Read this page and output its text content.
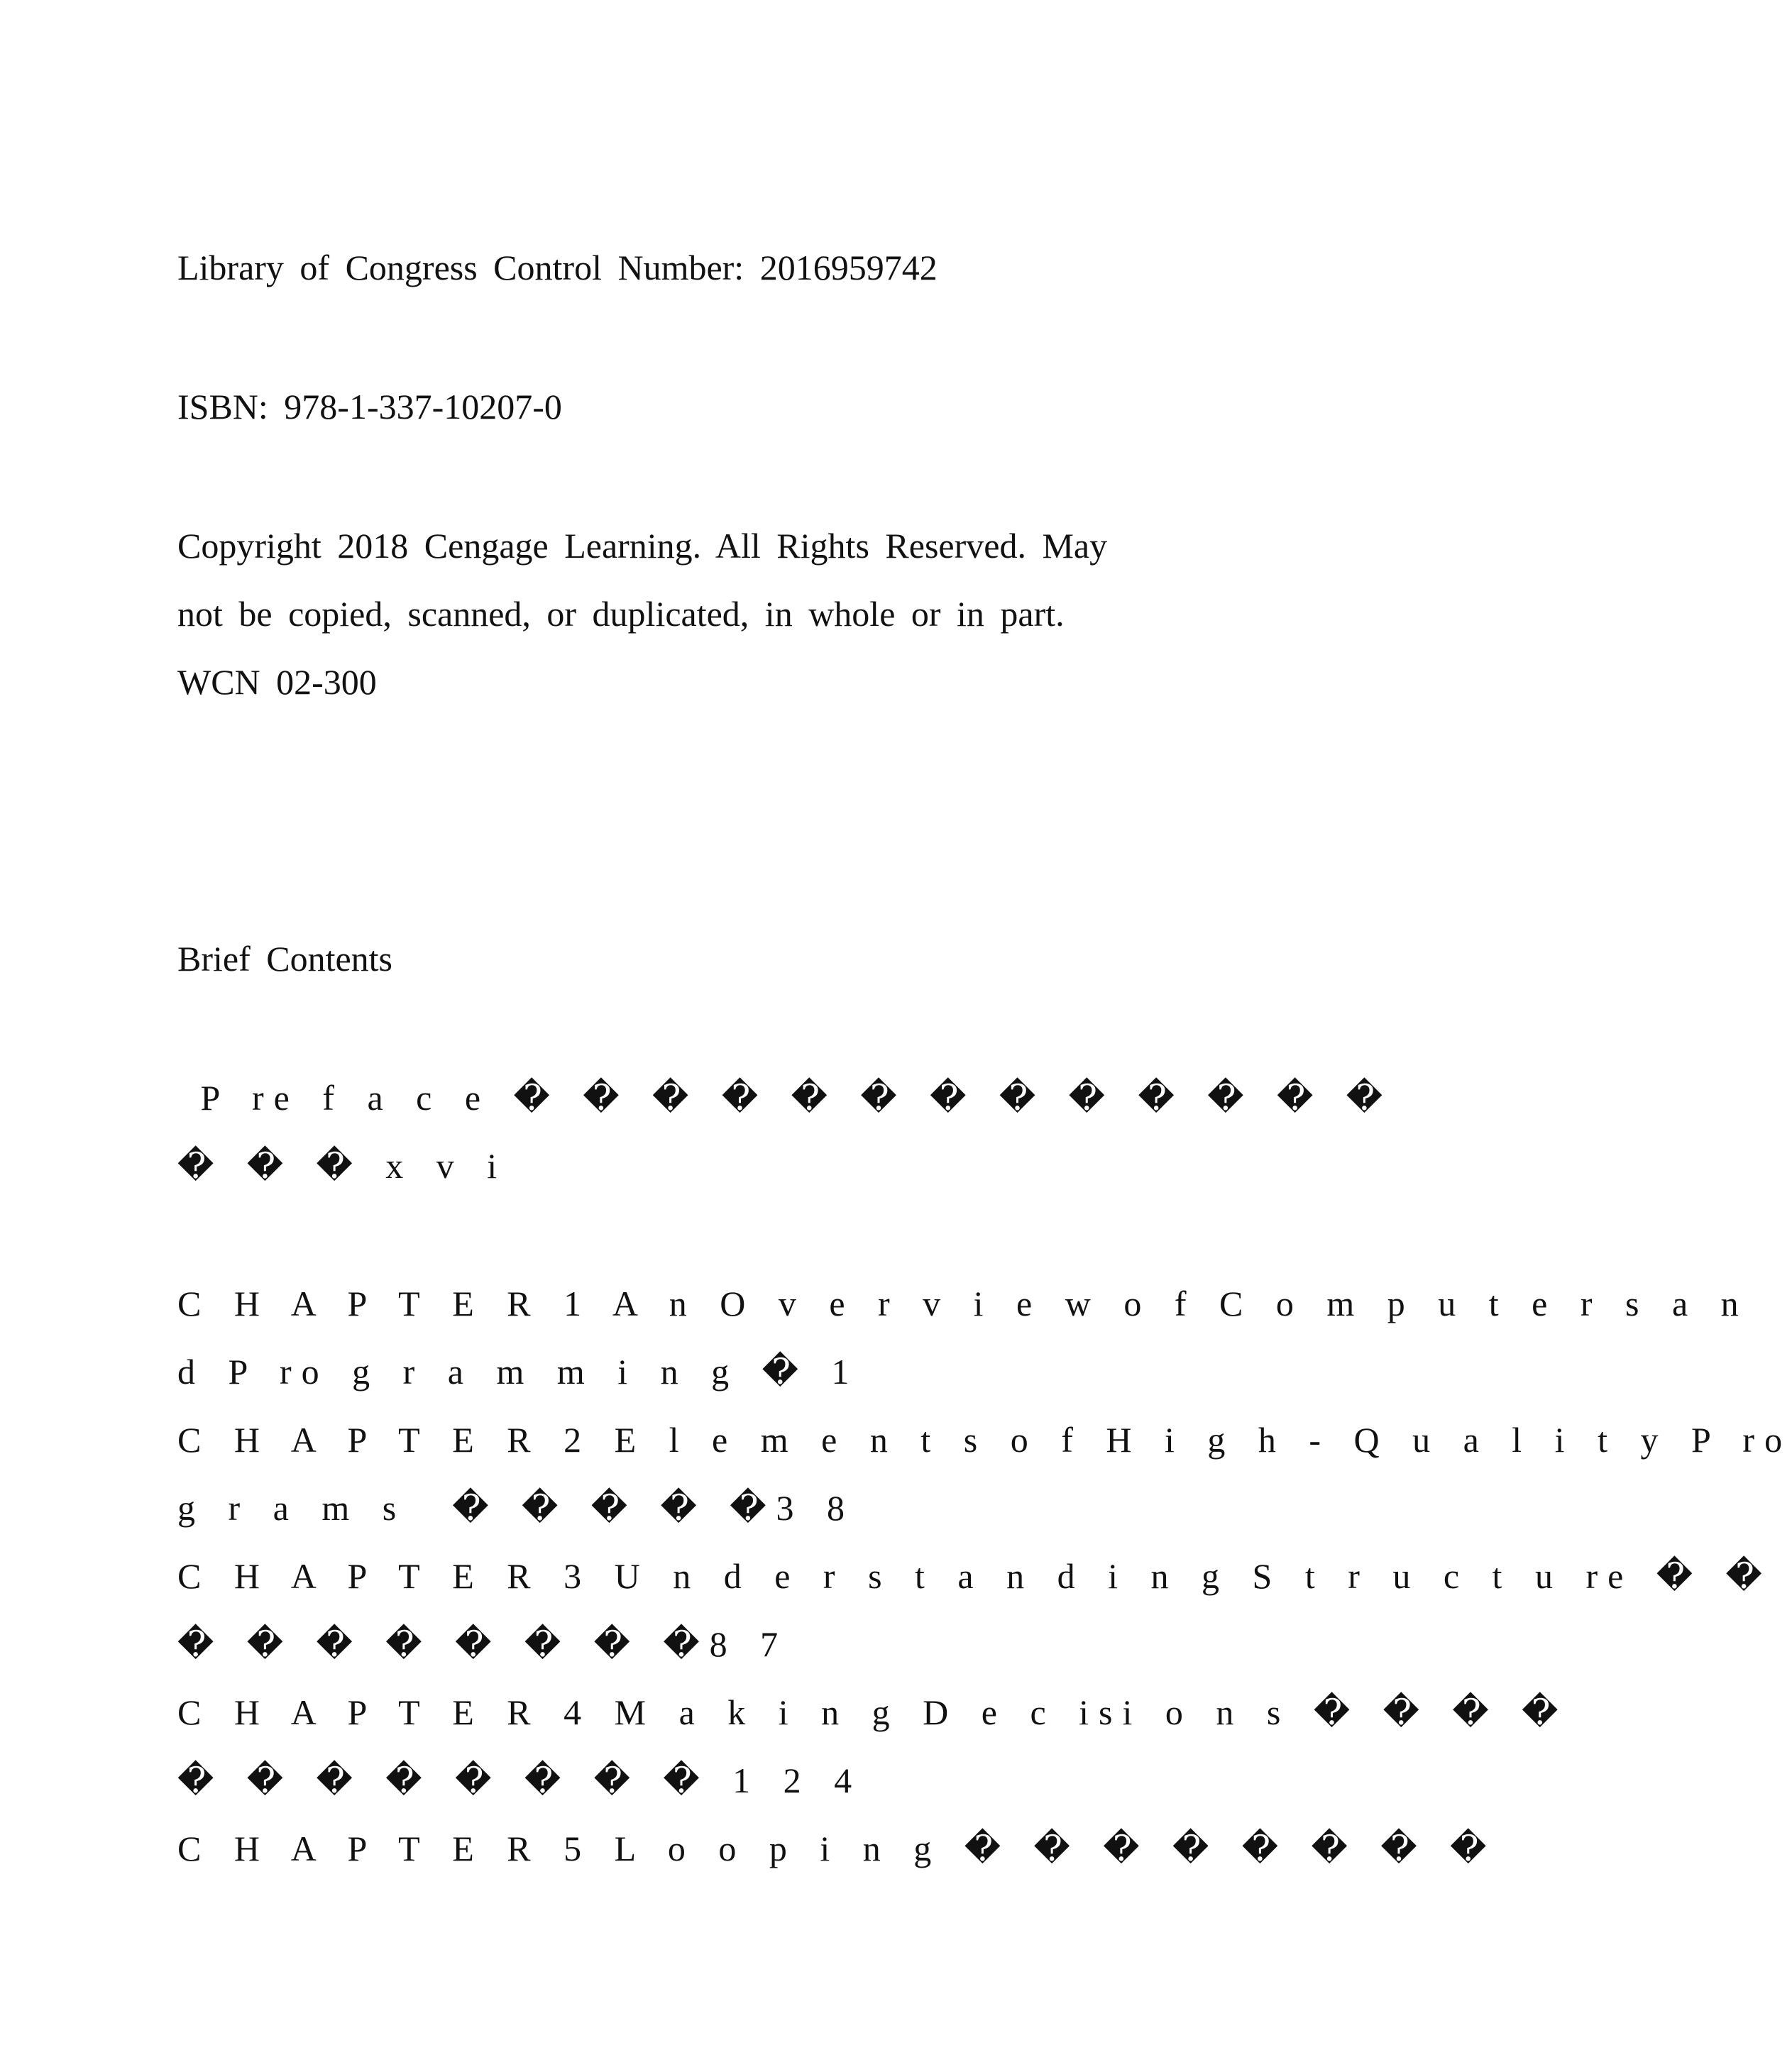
Library of Congress Control Number: 2016959742

ISBN: 978-1-337-10207-0

Copyright 2018 Cengage Learning. All Rights Reserved. May

not be copied, scanned, or duplicated, in whole or in part.

WCN 02-300

Brief Contents

P re f a c e � � � � � � � � � � � � �

� � � x v i

C H A P T E R 1 A n O v e r v i e w o f C o m p u t e r s a n

d P ro g r a m m i n g � 1

C H A P T E R 2 E l e m e n t s o f H i g h - Q u a l i t y P ro

g r a m s  � � � � �3 8

C H A P T E R 3 U n d e r s t a n d i n g S t r u c t u re � �

� � � � � � � �8 7

C H A P T E R 4 M a k i n g D e c isi o n s � � � �

� � � � � � � � 1 2 4

C H A P T E R 5 L o o p i n g � � � � � � � �
